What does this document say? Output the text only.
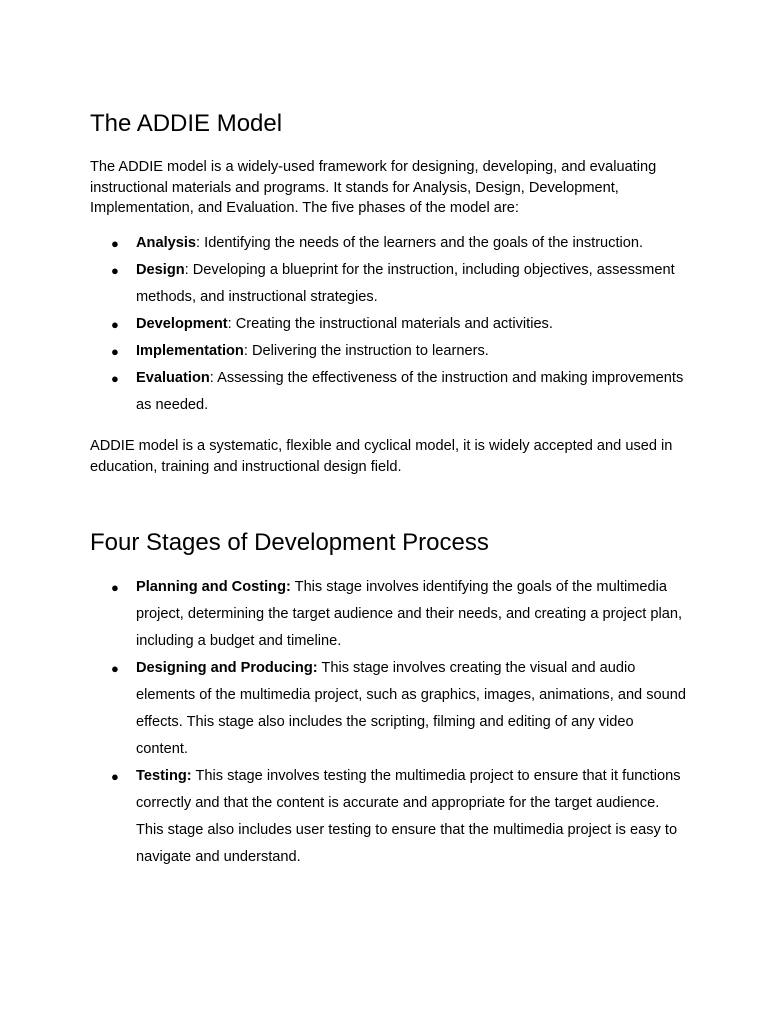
The ADDIE Model

The ADDIE model is a widely-used framework for designing, developing, and evaluating instructional materials and programs. It stands for Analysis, Design, Development, Implementation, and Evaluation. The five phases of the model are:

● Analysis: Identifying the needs of the learners and the goals of the instruction.
● Design: Developing a blueprint for the instruction, including objectives, assessment methods, and instructional strategies.
● Development: Creating the instructional materials and activities.
● Implementation: Delivering the instruction to learners.
● Evaluation: Assessing the effectiveness of the instruction and making improvements as needed.

ADDIE model is a systematic, flexible and cyclical model, it is widely accepted and used in education, training and instructional design field.

Four Stages of Development Process
● Planning and Costing: This stage involves identifying the goals of the multimedia project, determining the target audience and their needs, and creating a project plan, including a budget and timeline.
● Designing and Producing: This stage involves creating the visual and audio elements of the multimedia project, such as graphics, images, animations, and sound effects. This stage also includes the scripting, filming and editing of any video content.
● Testing: This stage involves testing the multimedia project to ensure that it functions correctly and that the content is accurate and appropriate for the target audience. This stage also includes user testing to ensure that the multimedia project is easy to navigate and understand.
